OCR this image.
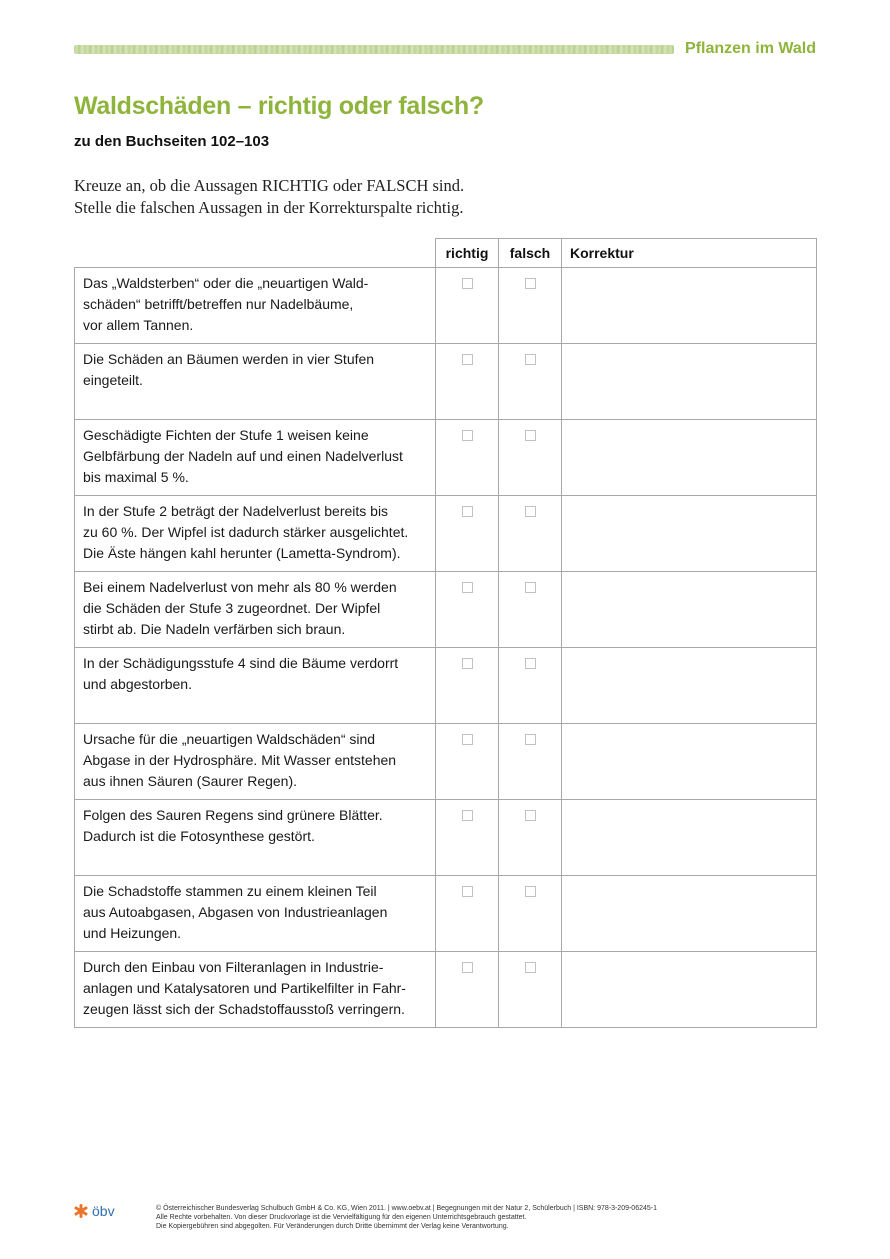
Pflanzen im Wald
Waldschäden – richtig oder falsch?
zu den Buchseiten 102–103
Kreuze an, ob die Aussagen RICHTIG oder FALSCH sind.
Stelle die falschen Aussagen in der Korrekturspalte richtig.
	richtig	falsch	Korrektur

Das „Waldsterben“ oder die „neuartigen Wald-
schäden“ betrifft/betreffen nur Nadelbäume,
vor allem Tannen.			

Die Schäden an Bäumen werden in vier Stufen
eingeteilt.			

Geschädigte Fichten der Stufe 1 weisen keine
Gelbfärbung der Nadeln auf und einen Nadelverlust
bis maximal 5 %.			

In der Stufe 2 beträgt der Nadelverlust bereits bis
zu 60 %. Der Wipfel ist dadurch stärker ausgelichtet.
Die Äste hängen kahl herunter (Lametta-Syndrom).			

Bei einem Nadelverlust von mehr als 80 % werden
die Schäden der Stufe 3 zugeordnet. Der Wipfel
stirbt ab. Die Nadeln verfärben sich braun.			

In der Schädigungsstufe 4 sind die Bäume verdorrt
und abgestorben.			

Ursache für die „neuartigen Waldschäden“ sind
Abgase in der Hydrosphäre. Mit Wasser entstehen
aus ihnen Säuren (Saurer Regen).			

Folgen des Sauren Regens sind grünere Blätter.
Dadurch ist die Fotosynthese gestört.			

Die Schadstoffe stammen zu einem kleinen Teil
aus Autoabgasen, Abgasen von Industrieanlagen
und Heizungen.			

Durch den Einbau von Filteranlagen in Industrie-
anlagen und Katalysatoren und Partikelfilter in Fahr-
zeugen lässt sich der Schadstoffausstoß verringern.			

öbv	© Österreichischer Bundesverlag Schulbuch GmbH & Co. KG, Wien 2011. | www.oebv.at | Begegnungen mit der Natur 2, Schülerbuch | ISBN: 978-3-209-06245-1
Alle Rechte vorbehalten. Von dieser Druckvorlage ist die Vervielfältigung für den eigenen Unterrichtsgebrauch gestattet.
Die Kopiergebühren sind abgegolten. Für Veränderungen durch Dritte übernimmt der Verlag keine Verantwortung.
